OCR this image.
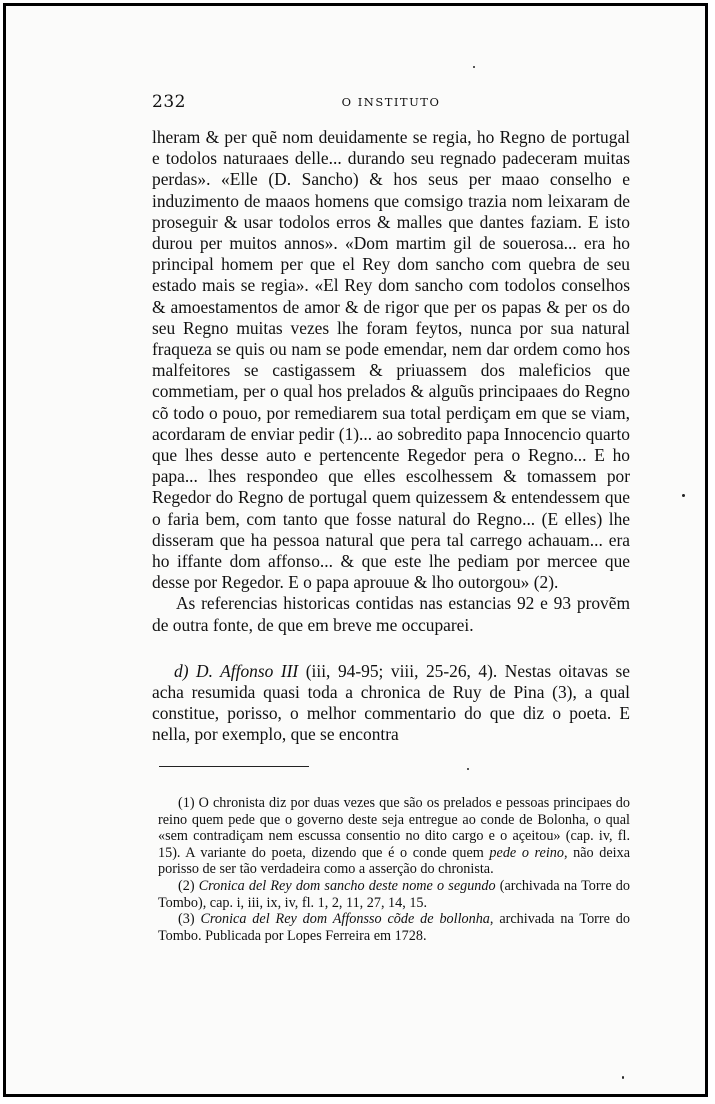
232	O INSTITUTO

lheram & per quẽ nom deuidamente se regia, ho Regno de portugal e todolos naturaaes delle... durando seu regnado padeceram muitas perdas». «Elle (D. Sancho) & hos seus per maao conselho e induzimento de maaos homens que comsigo trazia nom leixaram de proseguir & usar todolos erros & malles que dantes faziam. E isto durou per muitos annos». «Dom martim gil de souerosa... era ho principal homem per que el Rey dom sancho com quebra de seu estado mais se regia». «El Rey dom sancho com todolos conselhos & amoestamentos de amor & de rigor que per os papas & per os do seu Regno muitas vezes lhe foram feytos, nunca por sua natural fraqueza se quis ou nam se pode emendar, nem dar ordem como hos malfeitores se castigassem & priuassem dos maleficios que commetiam, per o qual hos prelados & alguũs principaaes do Regno cõ todo o pouo, por remediarem sua total perdiçam em que se viam, acordaram de enviar pedir (1)... ao sobredito papa Innocencio quarto que lhes desse auto e pertencente Regedor pera o Regno... E ho papa... lhes respondeo que elles escolhessem & tomassem por Regedor do Regno de portugal quem quizessem & entendessem que o faria bem, com tanto que fosse natural do Regno... (E elles) lhe disseram que ha pessoa natural que pera tal carrego achauam... era ho iffante dom affonso... & que este lhe pediam por mercee que desse por Regedor. E o papa aprouue & lho outorgou» (2).

As referencias historicas contidas nas estancias 92 e 93 provẽm de outra fonte, de que em breve me occuparei.

d) D. Affonso III (iii, 94-95; viii, 25-26, 4). Nestas oitavas se acha resumida quasi toda a chronica de Ruy de Pina (3), a qual constitue, porisso, o melhor commentario do que diz o poeta. E nella, por exemplo, que se encontra

(1) O chronista diz por duas vezes que são os prelados e pessoas principaes do reino quem pede que o governo deste seja entregue ao conde de Bolonha, o qual «sem contradiçam nem escussa consentio no dito cargo e o açeitou» (cap. iv, fl. 15). A variante do poeta, dizendo que é o conde quem pede o reino, não deixa porisso de ser tão verdadeira como a asserção do chronista.

(2) Cronica del Rey dom sancho deste nome o segundo (archivada na Torre do Tombo), cap. i, iii, ix, iv, fl. 1, 2, 11, 27, 14, 15.

(3) Cronica del Rey dom Affonsso cõde de bollonha, archivada na Torre do Tombo. Publicada por Lopes Ferreira em 1728.
